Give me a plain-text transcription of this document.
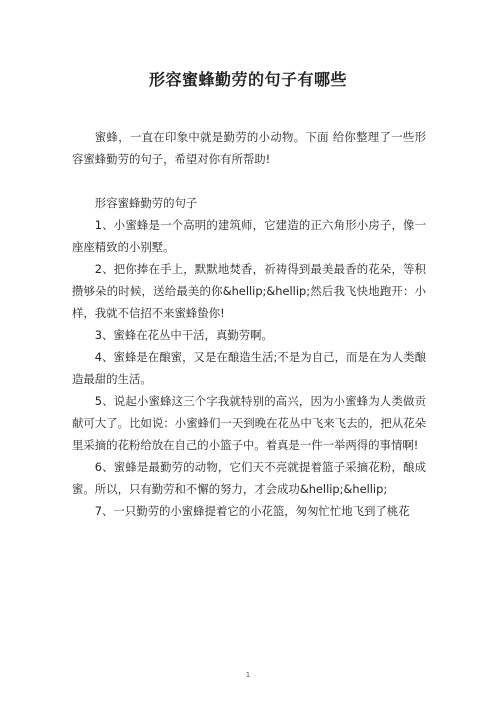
形容蜜蜂勤劳的句子有哪些

蜜蜂，一直在印象中就是勤劳的小动物。下面 给你整理了一些形容蜜蜂勤劳的句子，希望对你有所帮助!

形容蜜蜂勤劳的句子

1、小蜜蜂是一个高明的建筑师，它建造的正六角形小房子，像一座座精致的小别墅。

2、把你捧在手上，默默地焚香，祈祷得到最美最香的花朵，等积攒够朵的时候，送给最美的你&hellip;&hellip;然后我飞快地跑开：小样，我就不信招不来蜜蜂蛰你!

3、蜜蜂在花丛中干活，真勤劳啊。

4、蜜蜂是在酿蜜，又是在酿造生活;不是为自己，而是在为人类酿造最甜的生活。

5、说起小蜜蜂这三个字我就特别的高兴，因为小蜜蜂为人类做贡献可大了。比如说：小蜜蜂们一天到晚在花丛中飞来飞去的，把从花朵里采摘的花粉给放在自己的小篮子中。着真是一件一举两得的事情啊!

6、蜜蜂是最勤劳的动物，它们天不亮就提着篮子采摘花粉，酿成蜜。所以，只有勤劳和不懈的努力，才会成功&hellip;&hellip;

7、一只勤劳的小蜜蜂提着它的小花篮，匆匆忙忙地飞到了桃花

1
